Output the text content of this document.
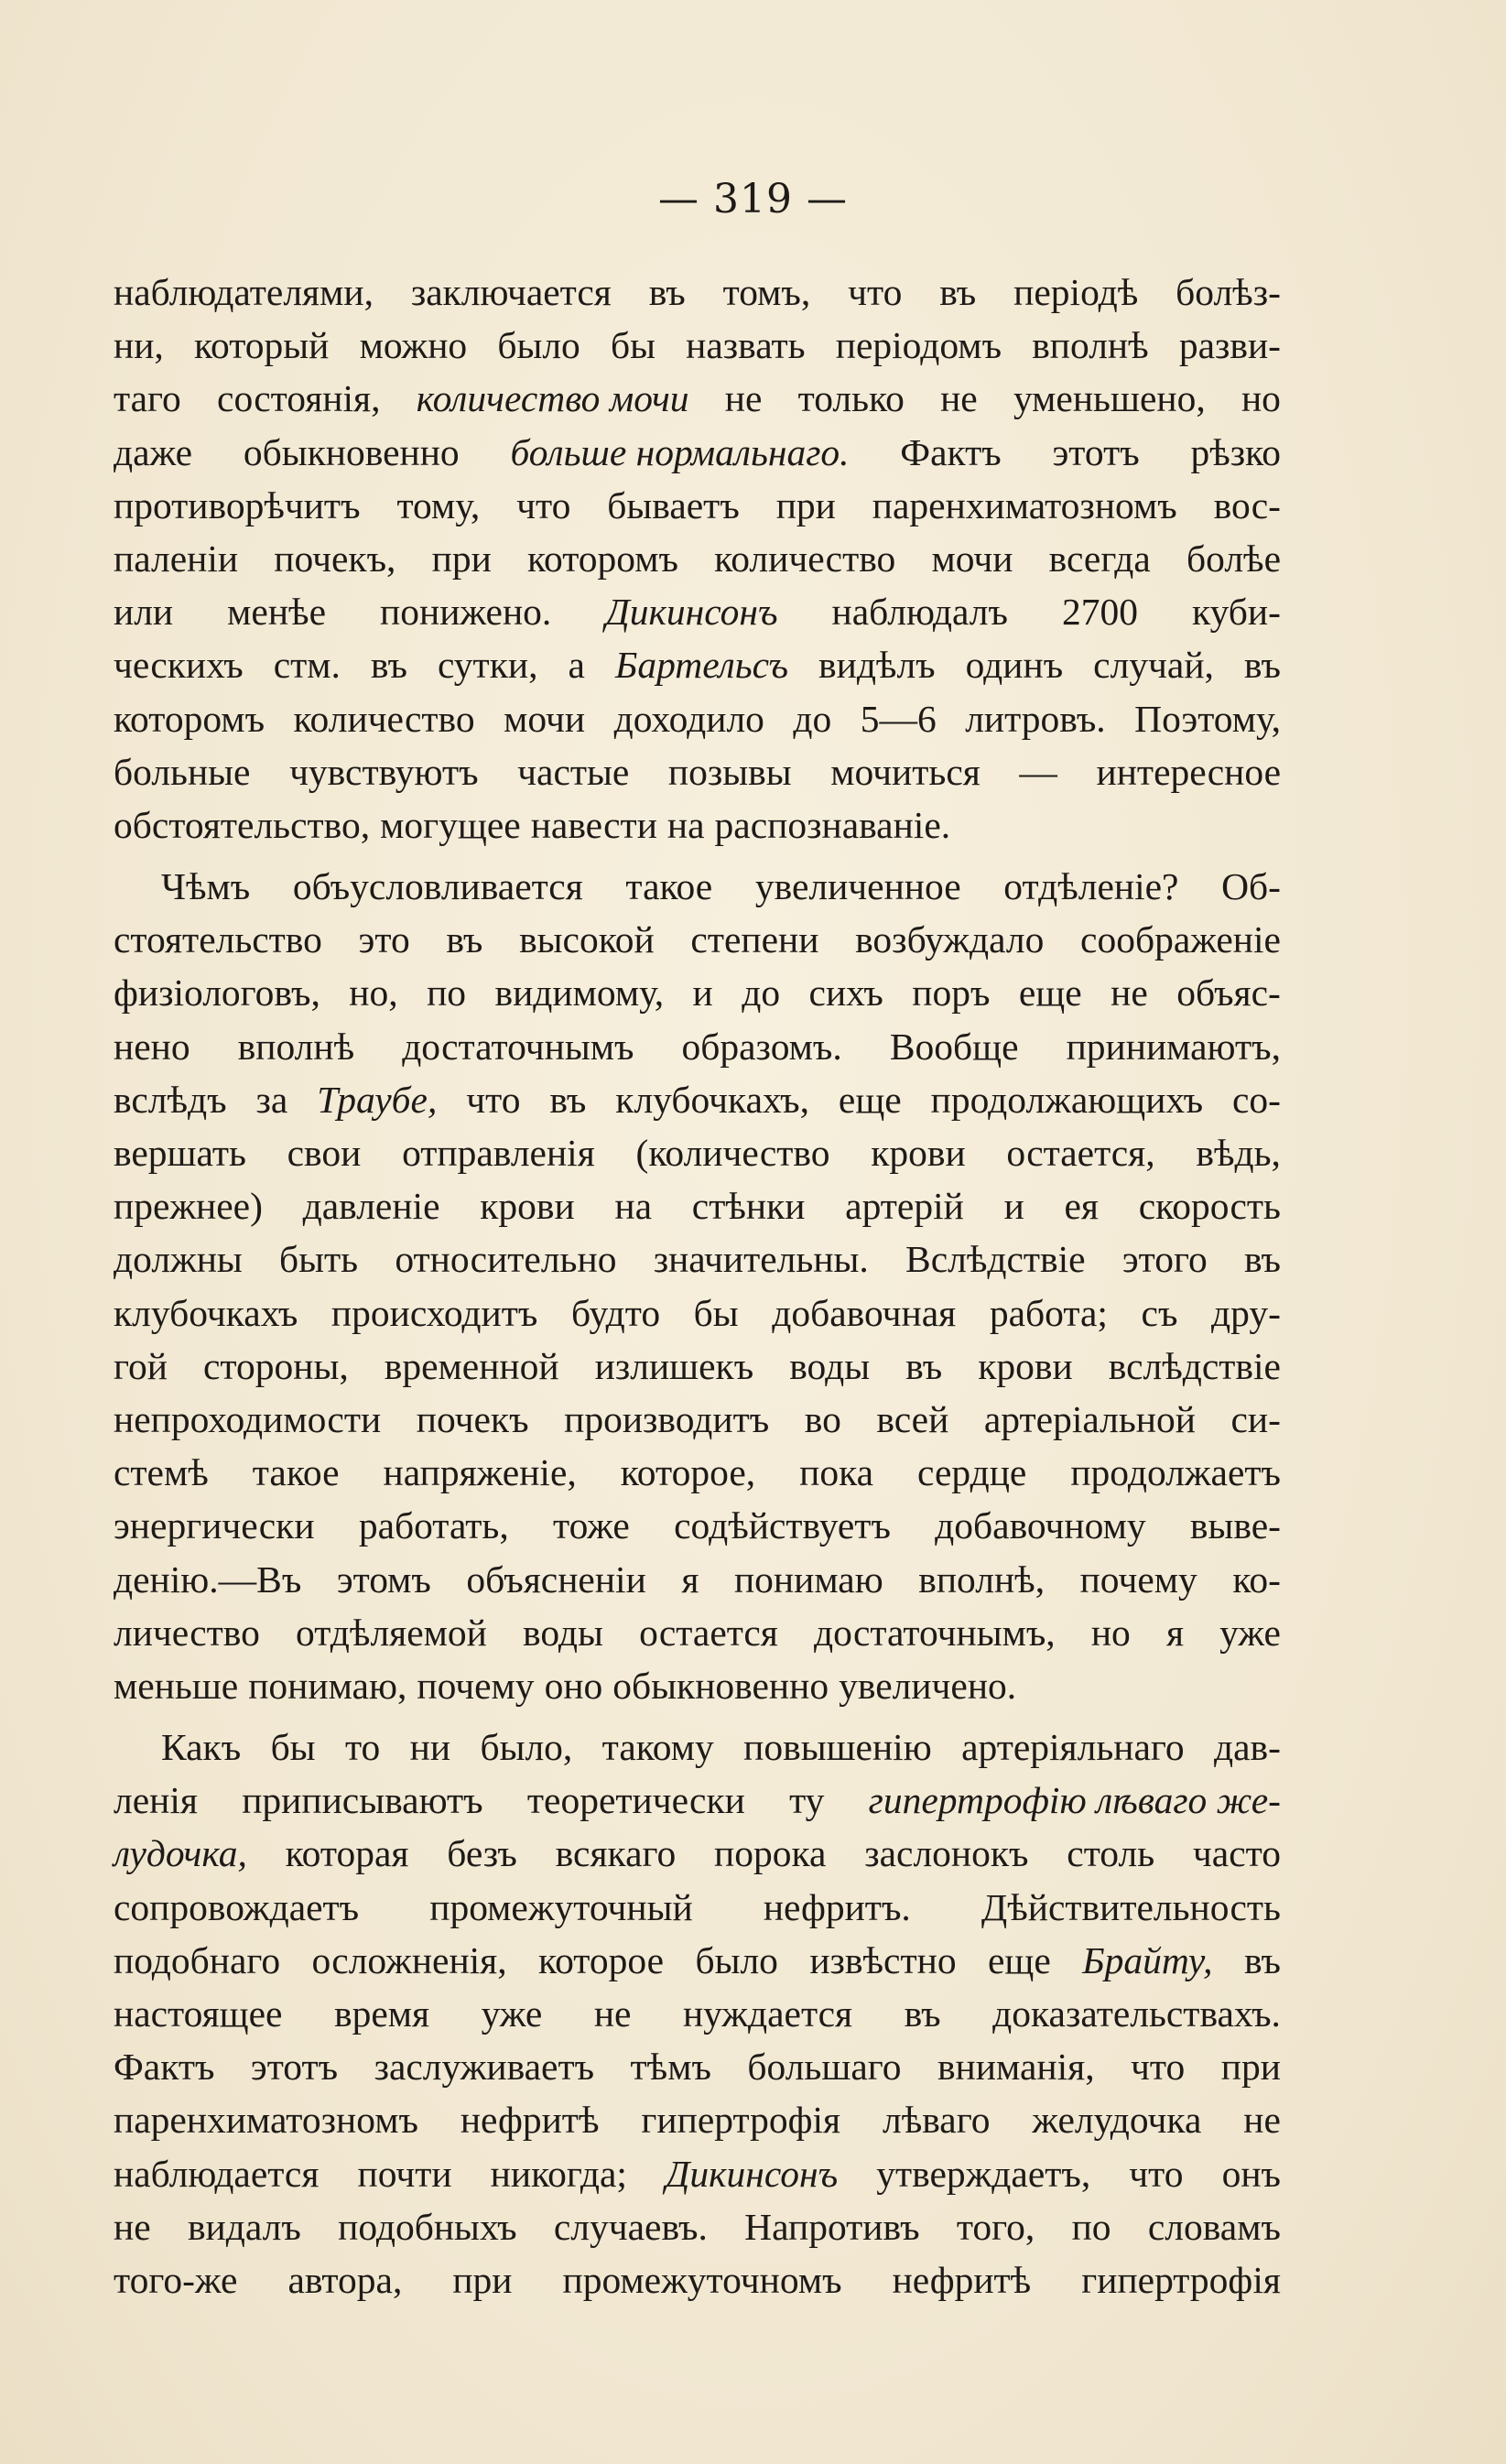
— 319 —
наблюдателями, заключается въ томъ, что въ періодѣ болѣз-
ни, который можно было бы назвать періодомъ вполнѣ разви-
таго состоянія, количество мочи не только не уменьшено, но
даже обыкновенно больше нормальнаго. Фактъ этотъ рѣзко
противорѣчитъ тому, что бываетъ при паренхиматозномъ вос-
паленіи почекъ, при которомъ количество мочи всегда болѣе
или менѣе понижено. Дикинсонъ наблюдалъ 2700 куби-
ческихъ стм. въ сутки, а Бартельсъ видѣлъ одинъ случай, въ
которомъ количество мочи доходило до 5—6 литровъ. Поэтому,
больные чувствуютъ частые позывы мочиться — интересное
обстоятельство, могущее навести на распознаваніе.
Чѣмъ объусловливается такое увеличенное отдѣленіе? Об-
стоятельство это въ высокой степени возбуждало соображеніе
физіологовъ, но, по видимому, и до сихъ поръ еще не объяс-
нено вполнѣ достаточнымъ образомъ. Вообще принимаютъ,
вслѣдъ за Траубе, что въ клубочкахъ, еще продолжающихъ со-
вершать свои отправленія (количество крови остается, вѣдь,
прежнее) давленіе крови на стѣнки артерій и ея скорость
должны быть относительно значительны. Вслѣдствіе этого въ
клубочкахъ происходитъ будто бы добавочная работа; съ дру-
гой стороны, временной излишекъ воды въ крови вслѣдствіе
непроходимости почекъ производитъ во всей артеріальной си-
стемѣ такое напряженіе, которое, пока сердце продолжаетъ
энергически работать, тоже содѣйствуетъ добавочному выве-
денію.—Въ этомъ объясненіи я понимаю вполнѣ, почему ко-
личество отдѣляемой воды остается достаточнымъ, но я уже
меньше понимаю, почему оно обыкновенно увеличено.
Какъ бы то ни было, такому повышенію артеріяльнаго дав-
ленія приписываютъ теоретически ту гипертрофію лѣваго же-
лудочка, которая безъ всякаго порока заслонокъ столь часто
сопровождаетъ промежуточный нефритъ. Дѣйствительность
подобнаго осложненія, которое было извѣстно еще Брайту, въ
настоящее время уже не нуждается въ доказательствахъ.
Фактъ этотъ заслуживаетъ тѣмъ большаго вниманія, что при
паренхиматозномъ нефритѣ гипертрофія лѣваго желудочка не
наблюдается почти никогда; Дикинсонъ утверждаетъ, что онъ
не видалъ подобныхъ случаевъ. Напротивъ того, по словамъ
того-же автора, при промежуточномъ нефритѣ гипертрофія
